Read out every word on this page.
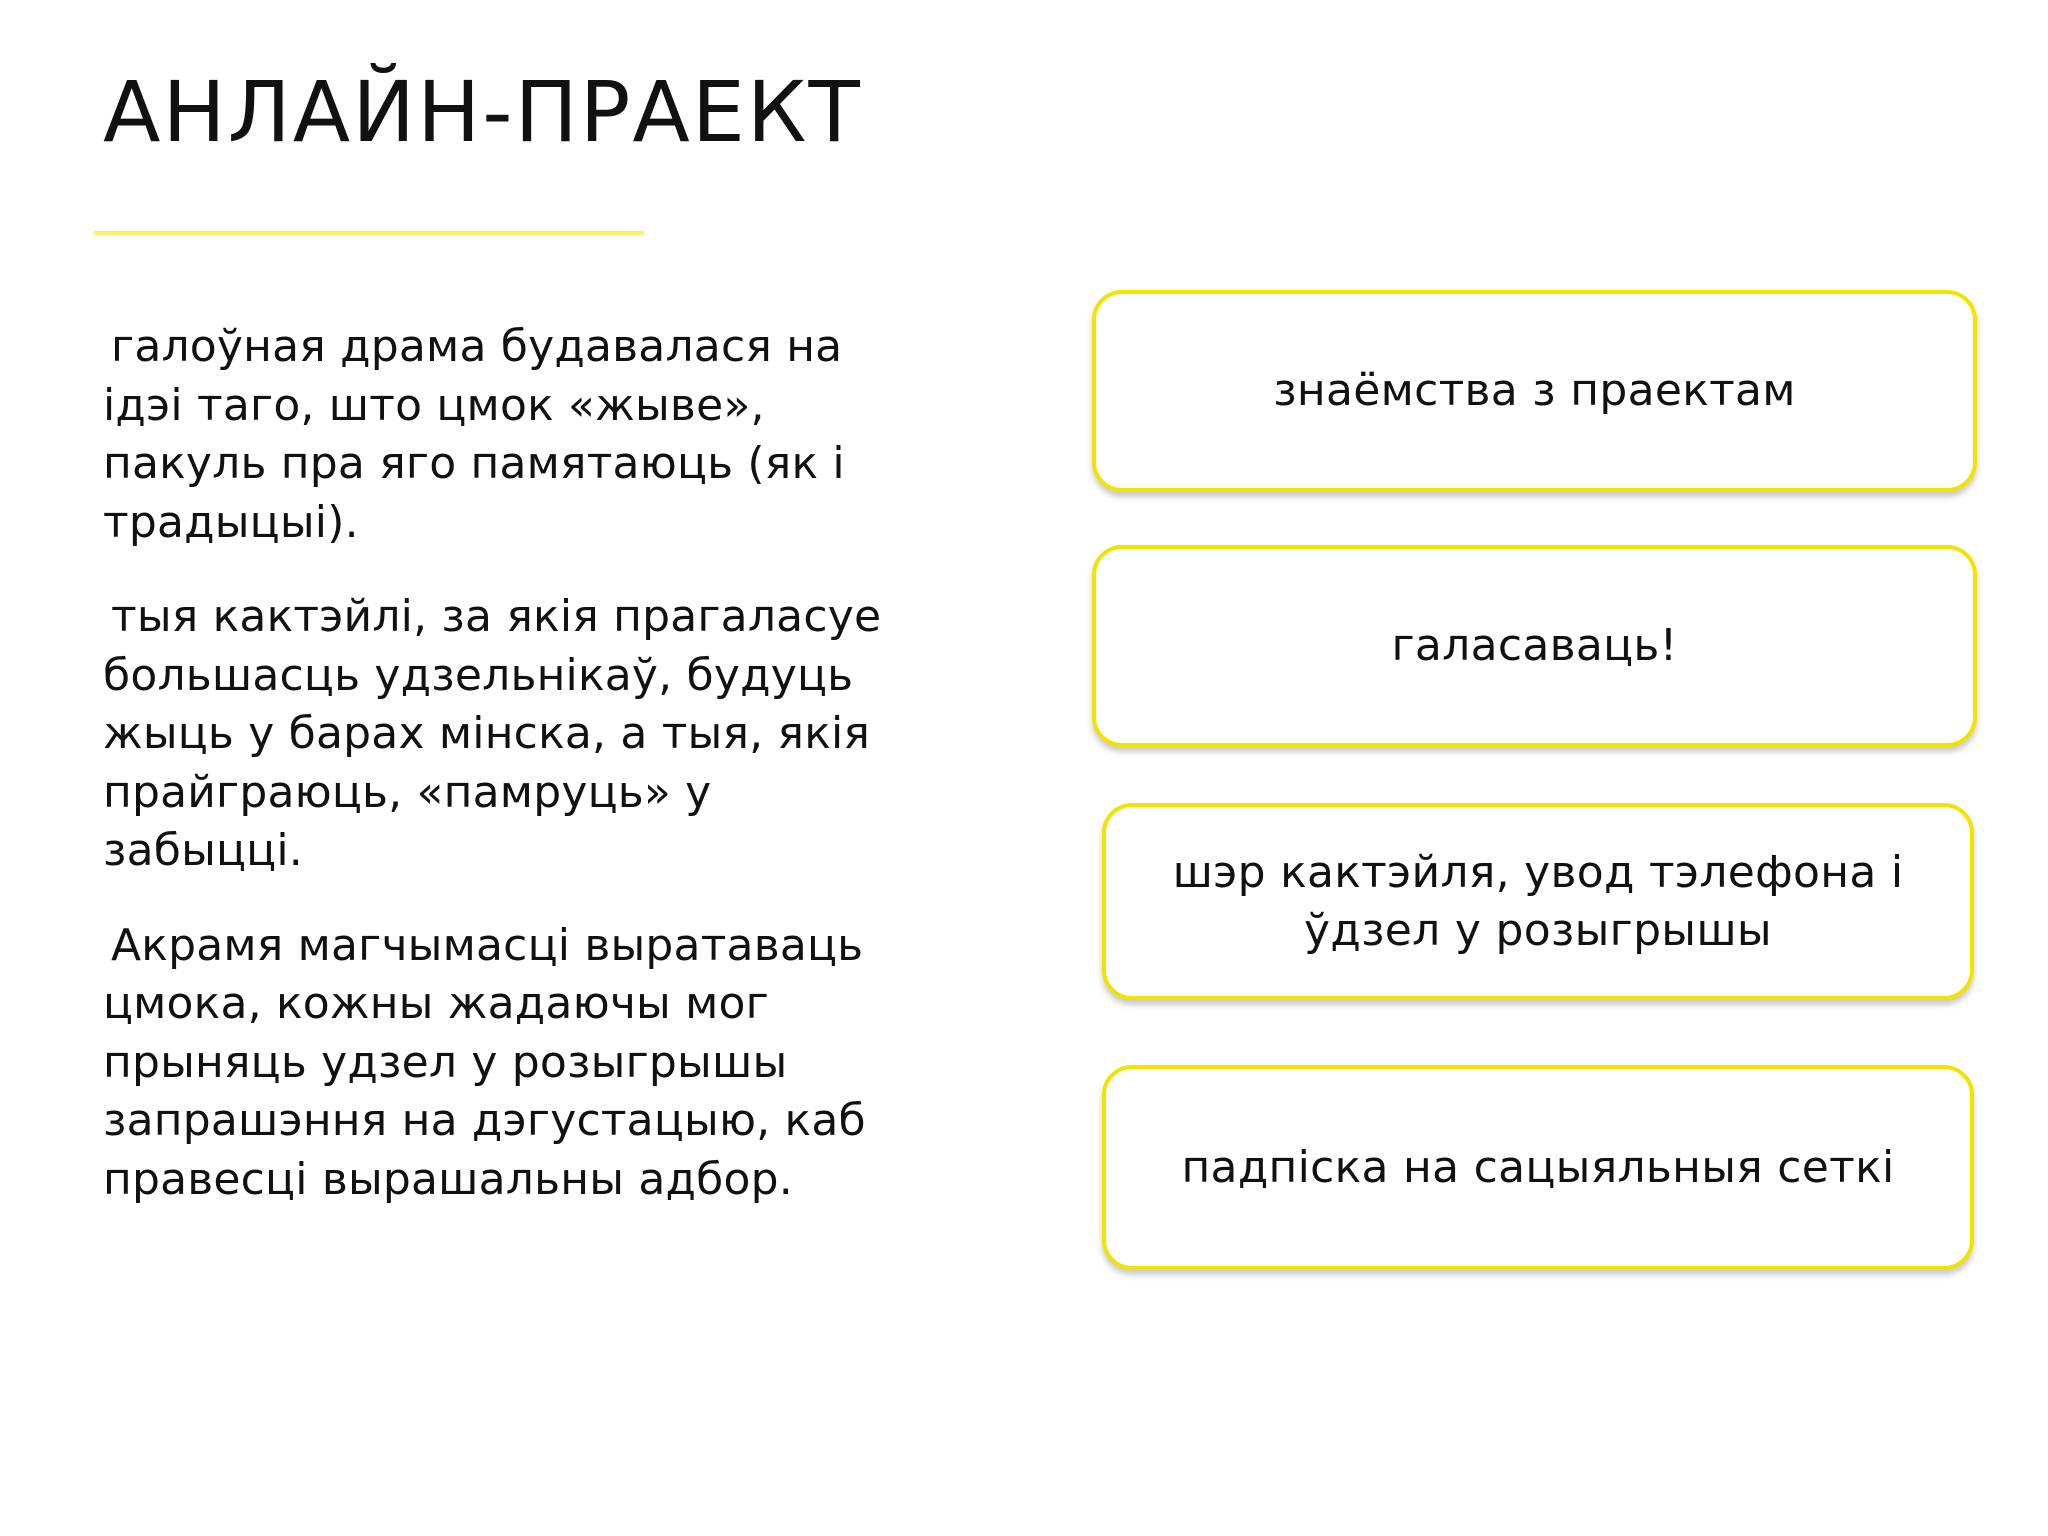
АНЛАЙН-ПРАЕКТ

галоўная драма будавалася на ідэі таго, што цмок «жыве», пакуль пра яго памятаюць (як і традыцыі).

тыя кактэйлі, за якія прагаласуе большасць удзельнікаў, будуць жыць у барах мінска, а тыя, якія прайграюць, «памруць» у забыцці.

Акрамя магчымасці выратаваць цмока, кожны жадаючы мог прыняць удзел у розыгрышы запрашэння на дэгустацыю, каб правесці вырашальны адбор.

знаёмства з праектам
галасаваць!
шэр кактэйля, увод тэлефона і ўдзел у розыгрышы
падпіска на сацыяльныя сеткі
